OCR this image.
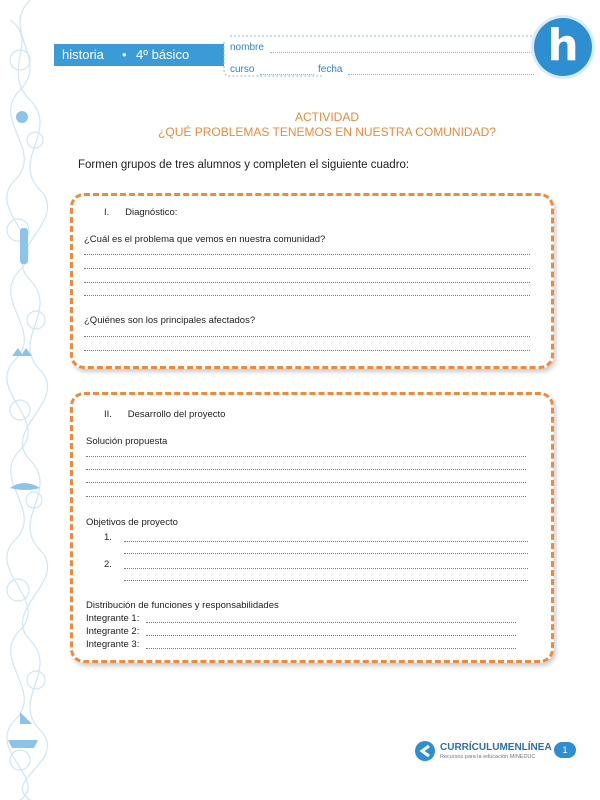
historia • 4º básico	nombre
curso	fecha	h
ACTIVIDAD
¿QUÉ PROBLEMAS TENEMOS EN NUESTRA COMUNIDAD?
Formen grupos de tres alumnos y completen el siguiente cuadro:
I.      Diagnóstico:
¿Cuál es el problema que vemos en nuestra comunidad?
¿Quiénes son los principales afectados?
II.      Desarrollo del proyecto
Solución propuesta
Objetivos de proyecto
1.
2.
Distribución de funciones y responsabilidades
Integrante 1:
Integrante 2:
Integrante 3:
CURRÍCULUMENLÍNEA
Recursos para la educación MINEDUC
1
